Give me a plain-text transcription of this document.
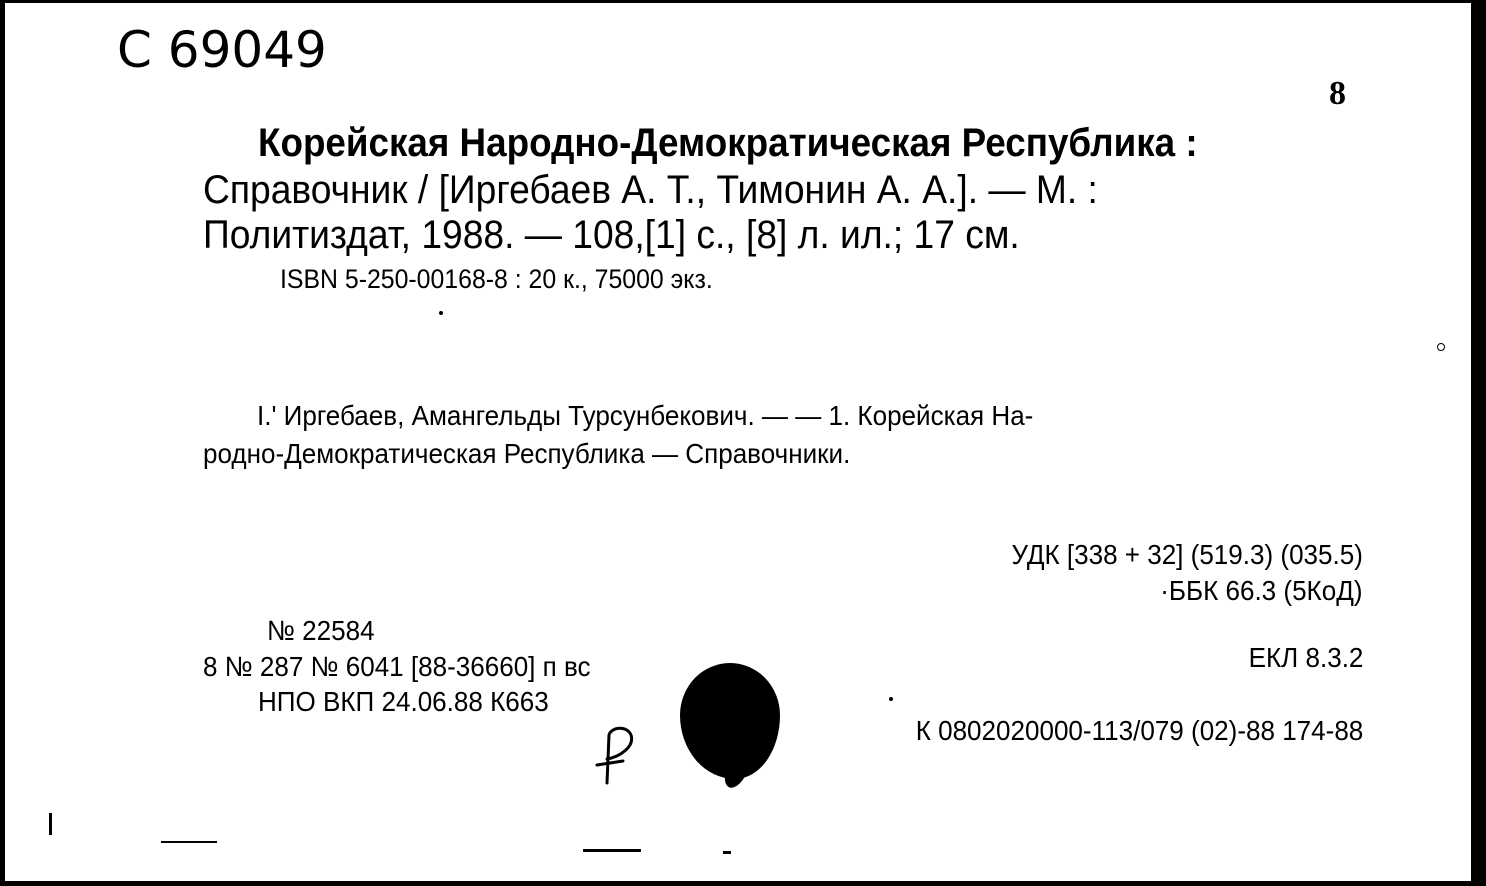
С 69049
8
Корейская Народно-Демократическая Республика :
Справочник / [Иргебаев А. Т., Тимонин А. А.]. — М. :
Политиздат, 1988. — 108,[1] с., [8] л. ил.; 17 см.
ISBN 5-250-00168-8 : 20 к., 75000 экз.
I.' Иргебаев, Амангельды Турсунбекович. — — 1. Корейская На-
родно-Демократическая Республика — Справочники.
УДК [338 + 32] (519.3) (035.5)
·ББК 66.3 (5КоД)
ЕКЛ 8.3.2
№ 22584
8 № 287 № 6041 [88-36660] п вс
НПО ВКП 24.06.88 К663
К 0802020000-113/079 (02)-88 174-88
